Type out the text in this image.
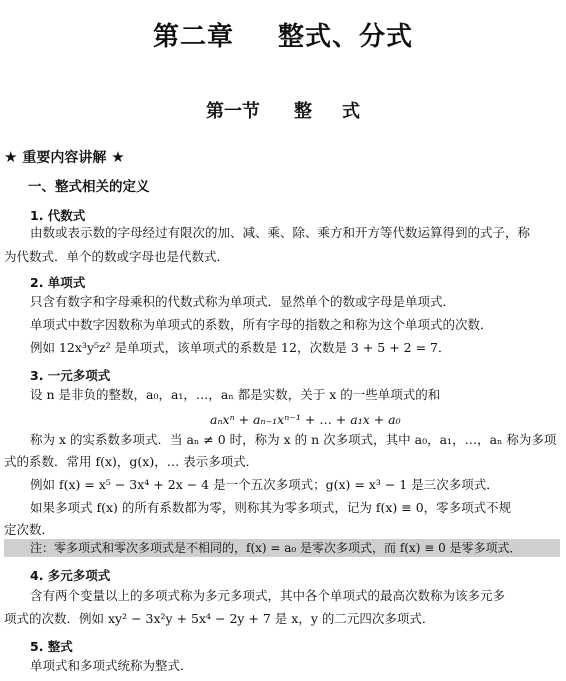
第二章 整式、分式
第一节 整 式
★ 重要内容讲解 ★
一、整式相关的定义
1. 代数式
由数或表示数的字母经过有限次的加、减、乘、除、乘方和开方等代数运算得到的式子，称
为代数式．单个的数或字母也是代数式．
2. 单项式
只含有数字和字母乘积的代数式称为单项式．显然单个的数或字母是单项式．
单项式中数字因数称为单项式的系数，所有字母的指数之和称为这个单项式的次数．
例如 12x³y⁵z² 是单项式，该单项式的系数是 12，次数是 3 + 5 + 2 = 7．
3. 一元多项式
设 n 是非负的整数，a₀，a₁，…，aₙ 都是实数，关于 x 的一些单项式的和
aₙxⁿ + aₙ₋₁xⁿ⁻¹ + … + a₁x + a₀
称为 x 的实系数多项式．当 aₙ ≠ 0 时，称为 x 的 n 次多项式，其中 a₀，a₁，…，aₙ 称为多项
式的系数．常用 f(x)，g(x)，… 表示多项式．
例如 f(x) = x⁵ − 3x⁴ + 2x − 4 是一个五次多项式；g(x) = x³ − 1 是三次多项式．
如果多项式 f(x) 的所有系数都为零，则称其为零多项式，记为 f(x) ≡ 0，零多项式不规
定次数．
注：零多项式和零次多项式是不相同的，f(x) = a₀ 是零次多项式，而 f(x) ≡ 0 是零多项式．
4. 多元多项式
含有两个变量以上的多项式称为多元多项式，其中各个单项式的最高次数称为该多元多
项式的次数．例如 xy² − 3x²y + 5x⁴ − 2y + 7 是 x，y 的二元四次多项式．
5. 整式
单项式和多项式统称为整式．
